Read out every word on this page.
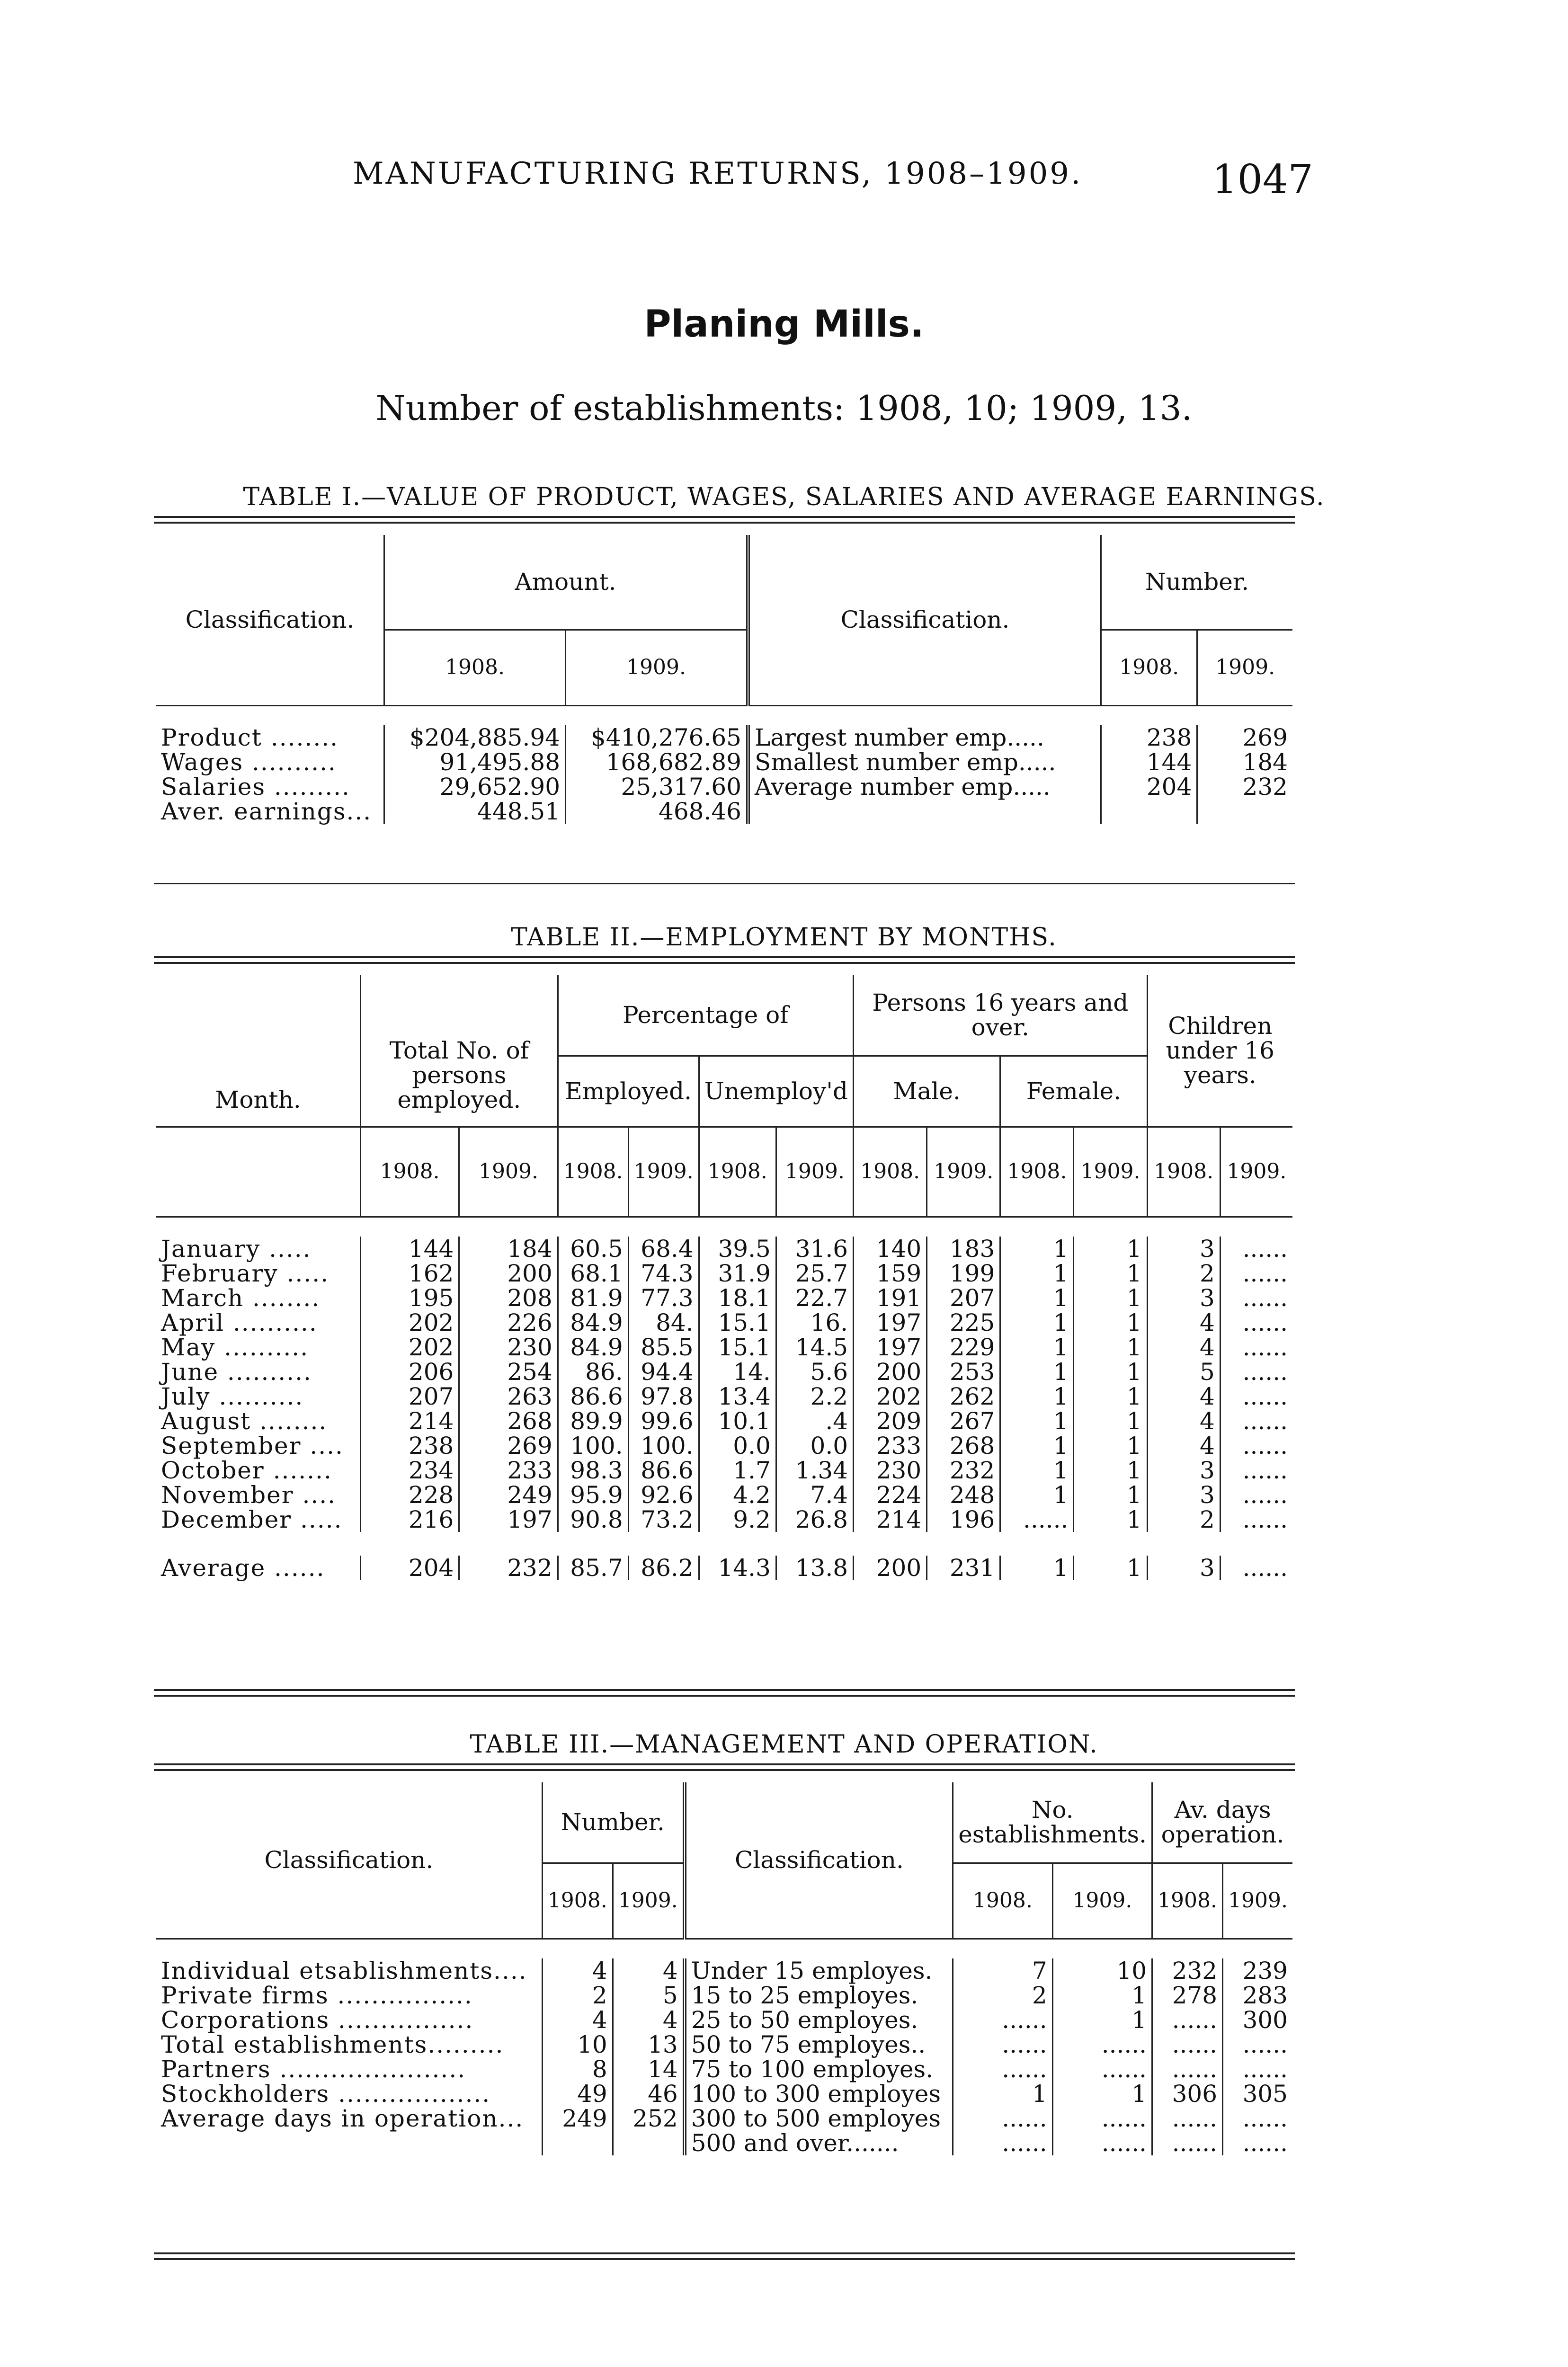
MANUFACTURING RETURNS, 1908–1909.	1047
Planing Mills.
Number of establishments: 1908, 10; 1909, 13.
TABLE I.—VALUE OF PRODUCT, WAGES, SALARIES AND AVERAGE EARNINGS.
Classification.	Amount.		Classification.	Number.	
	1908.	1909.		1908.	1909.

Product ........	$204,885.94	$410,276.65	Largest number emp.....	238	269
Wages ..........	91,495.88	168,682.89	Smallest number emp.....	144	184
Salaries .........	29,652.90	25,317.60	Average number emp.....	204	232
Aver. earnings...	448.51	468.46			
TABLE II.—EMPLOYMENT BY MONTHS.
Month.	Total No. of persons employed.		Percentage of				Persons 16 years and over.				Children under 16 years.	
			Employed.		Unemploy'd		Male.		Female.			
	1908.	1909.	1908.	1909.	1908.	1909.	1908.	1909.	1908.	1909.	1908.	1909.

January .....	144	184	60.5	68.4	39.5	31.6	140	183	1	1	3	......
February .....	162	200	68.1	74.3	31.9	25.7	159	199	1	1	2	......
March ........	195	208	81.9	77.3	18.1	22.7	191	207	1	1	3	......
April ..........	202	226	84.9	84.	15.1	16.	197	225	1	1	4	......
May ..........	202	230	84.9	85.5	15.1	14.5	197	229	1	1	4	......
June ..........	206	254	86.	94.4	14.	5.6	200	253	1	1	5	......
July ..........	207	263	86.6	97.8	13.4	2.2	202	262	1	1	4	......
August ........	214	268	89.9	99.6	10.1	.4	209	267	1	1	4	......
September ....	238	269	100.	100.	0.0	0.0	233	268	1	1	4	......
October .......	234	233	98.3	86.6	1.7	1.34	230	232	1	1	3	......
November ....	228	249	95.9	92.6	4.2	7.4	224	248	1	1	3	......
December .....	216	197	90.8	73.2	9.2	26.8	214	196	......	1	2	......

Average ......	204	232	85.7	86.2	14.3	13.8	200	231	1	1	3	......
TABLE III.—MANAGEMENT AND OPERATION.
Classification.	Number.		Classification.	No. establishments.		Av. days operation.	
	1908.	1909.		1908.	1909.	1908.	1909.

Individual etsablishments....	4	4	Under 15 employes.	7	10	232	239
Private firms ................	2	5	15 to 25 employes.	2	1	278	283
Corporations ................	4	4	25 to 50 employes.	......	1	......	300
Total establishments.........	10	13	50 to 75 employes..	......	......	......	......
Partners ......................	8	14	75 to 100 employes.	......	......	......	......
Stockholders ..................	49	46	100 to 300 employes	1	1	306	305
Average days in operation...	249	252	300 to 500 employes	......	......	......	......
			500 and over.......	......	......	......	......
